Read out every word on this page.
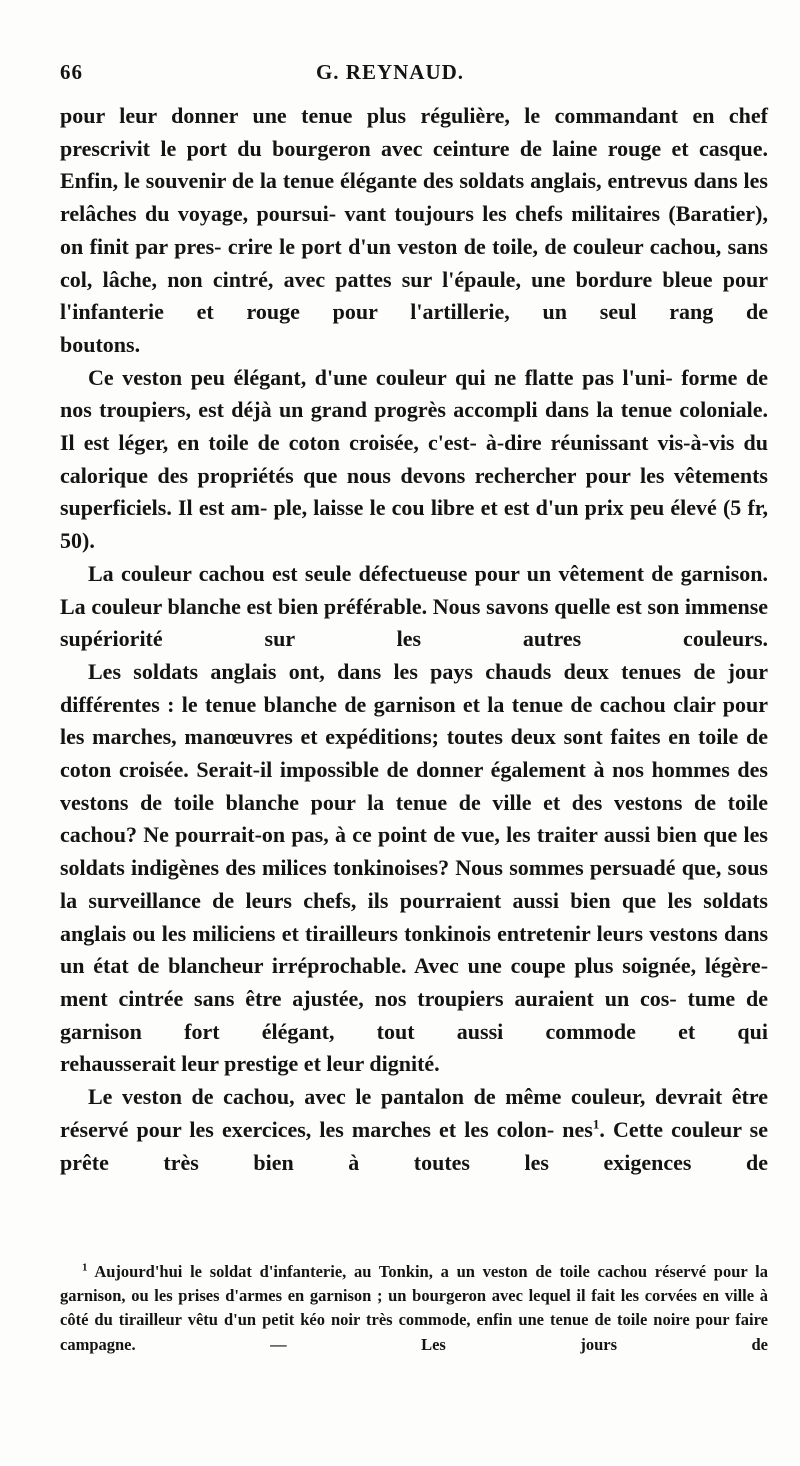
66	G. REYNAUD.

pour leur donner une tenue plus régulière, le commandant en chef prescrivit le port du bourgeron avec ceinture de laine rouge et casque. Enfin, le souvenir de la tenue élégante des soldats anglais, entrevus dans les relâches du voyage, poursui- vant toujours les chefs militaires (Baratier), on finit par pres- crire le port d'un veston de toile, de couleur cachou, sans col, lâche, non cintré, avec pattes sur l'épaule, une bordure bleue pour l'infanterie et rouge pour l'artillerie, un seul rang de

boutons.

Ce veston peu élégant, d'une couleur qui ne flatte pas l'uni- forme de nos troupiers, est déjà un grand progrès accompli dans la tenue coloniale. Il est léger, en toile de coton croisée, c'est- à-dire réunissant vis-à-vis du calorique des propriétés que nous devons rechercher pour les vêtements superficiels. Il est am- ple, laisse le cou libre et est d'un prix peu élevé (5 fr, 50).

La couleur cachou est seule défectueuse pour un vêtement de garnison. La couleur blanche est bien préférable. Nous savons quelle est son immense supériorité sur les autres couleurs.

Les soldats anglais ont, dans les pays chauds deux tenues de jour différentes : le tenue blanche de garnison et la tenue de cachou clair pour les marches, manœuvres et expéditions; toutes deux sont faites en toile de coton croisée. Serait-il impossible de donner également à nos hommes des vestons de toile blanche pour la tenue de ville et des vestons de toile cachou? Ne pourrait-on pas, à ce point de vue, les traiter aussi bien que les soldats indigènes des milices tonkinoises? Nous sommes persuadé que, sous la surveillance de leurs chefs, ils pourraient aussi bien que les soldats anglais ou les miliciens et tirailleurs tonkinois entretenir leurs vestons dans un état de blancheur irréprochable. Avec une coupe plus soignée, légère- ment cintrée sans être ajustée, nos troupiers auraient un cos- tume de garnison fort élégant, tout aussi commode et qui

rehausserait leur prestige et leur dignité.

Le veston de cachou, avec le pantalon de même couleur, devrait être réservé pour les exercices, les marches et les colon- nes$^1$. Cette couleur se prête très bien à toutes les exigences de

$^1$ Aujourd'hui le soldat d'infanterie, au Tonkin, a un veston de toile cachou réservé pour la garnison, ou les prises d'armes en garnison ; un bourgeron avec lequel il fait les corvées en ville à côté du tirailleur vêtu d'un petit kéo noir très commode, enfin une tenue de toile noire pour faire campagne. — Les jours de
